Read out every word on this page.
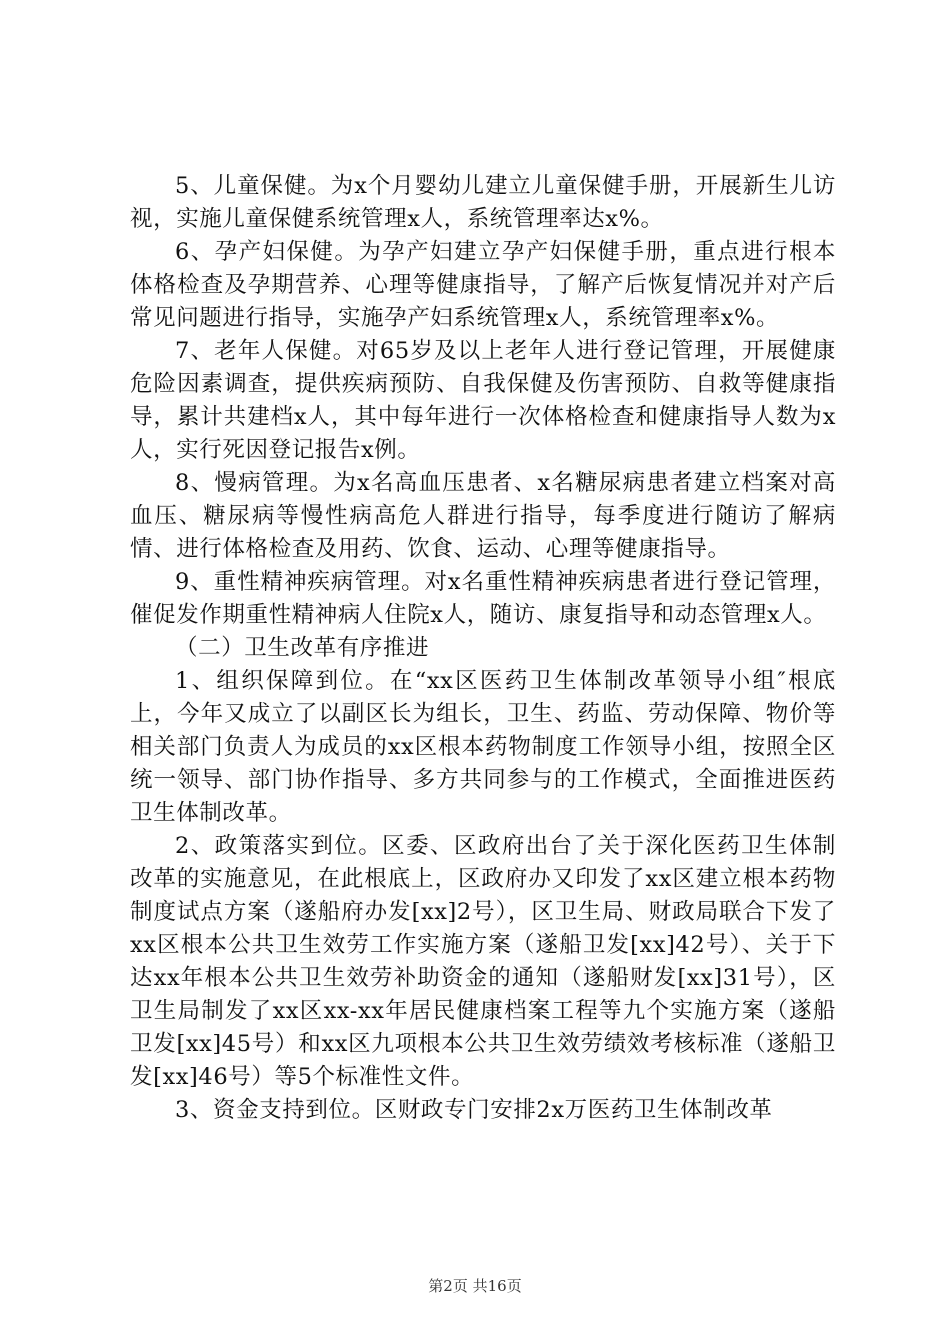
5、儿童保健。为x个月婴幼儿建立儿童保健手册，开展新生儿访视，实施儿童保健系统管理x人，系统管理率达x%。

6、孕产妇保健。为孕产妇建立孕产妇保健手册，重点进行根本体格检查及孕期营养、心理等健康指导，了解产后恢复情况并对产后常见问题进行指导，实施孕产妇系统管理x人，系统管理率x%。

7、老年人保健。对65岁及以上老年人进行登记管理，开展健康危险因素调查，提供疾病预防、自我保健及伤害预防、自救等健康指导，累计共建档x人，其中每年进行一次体格检查和健康指导人数为x人，实行死因登记报告x例。

8、慢病管理。为x名高血压患者、x名糖尿病患者建立档案对高血压、糖尿病等慢性病高危人群进行指导，每季度进行随访了解病情、进行体格检查及用药、饮食、运动、心理等健康指导。

9、重性精神疾病管理。对x名重性精神疾病患者进行登记管理，催促发作期重性精神病人住院x人，随访、康复指导和动态管理x人。

（二）卫生改革有序推进

1、组织保障到位。在“xx区医药卫生体制改革领导小组″根底上，今年又成立了以副区长为组长，卫生、药监、劳动保障、物价等相关部门负责人为成员的xx区根本药物制度工作领导小组，按照全区统一领导、部门协作指导、多方共同参与的工作模式，全面推进医药卫生体制改革。

2、政策落实到位。区委、区政府出台了关于深化医药卫生体制改革的实施意见，在此根底上，区政府办又印发了xx区建立根本药物制度试点方案（遂船府办发[xx]2号），区卫生局、财政局联合下发了xx区根本公共卫生效劳工作实施方案（遂船卫发[xx]42号）、关于下达xx年根本公共卫生效劳补助资金的通知（遂船财发[xx]31号），区卫生局制发了xx区xx-xx年居民健康档案工程等九个实施方案（遂船卫发[xx]45号）和xx区九项根本公共卫生效劳绩效考核标准（遂船卫发[xx]46号）等5个标准性文件。

3、资金支持到位。区财政专门安排2x万医药卫生体制改革

第2页 共16页
